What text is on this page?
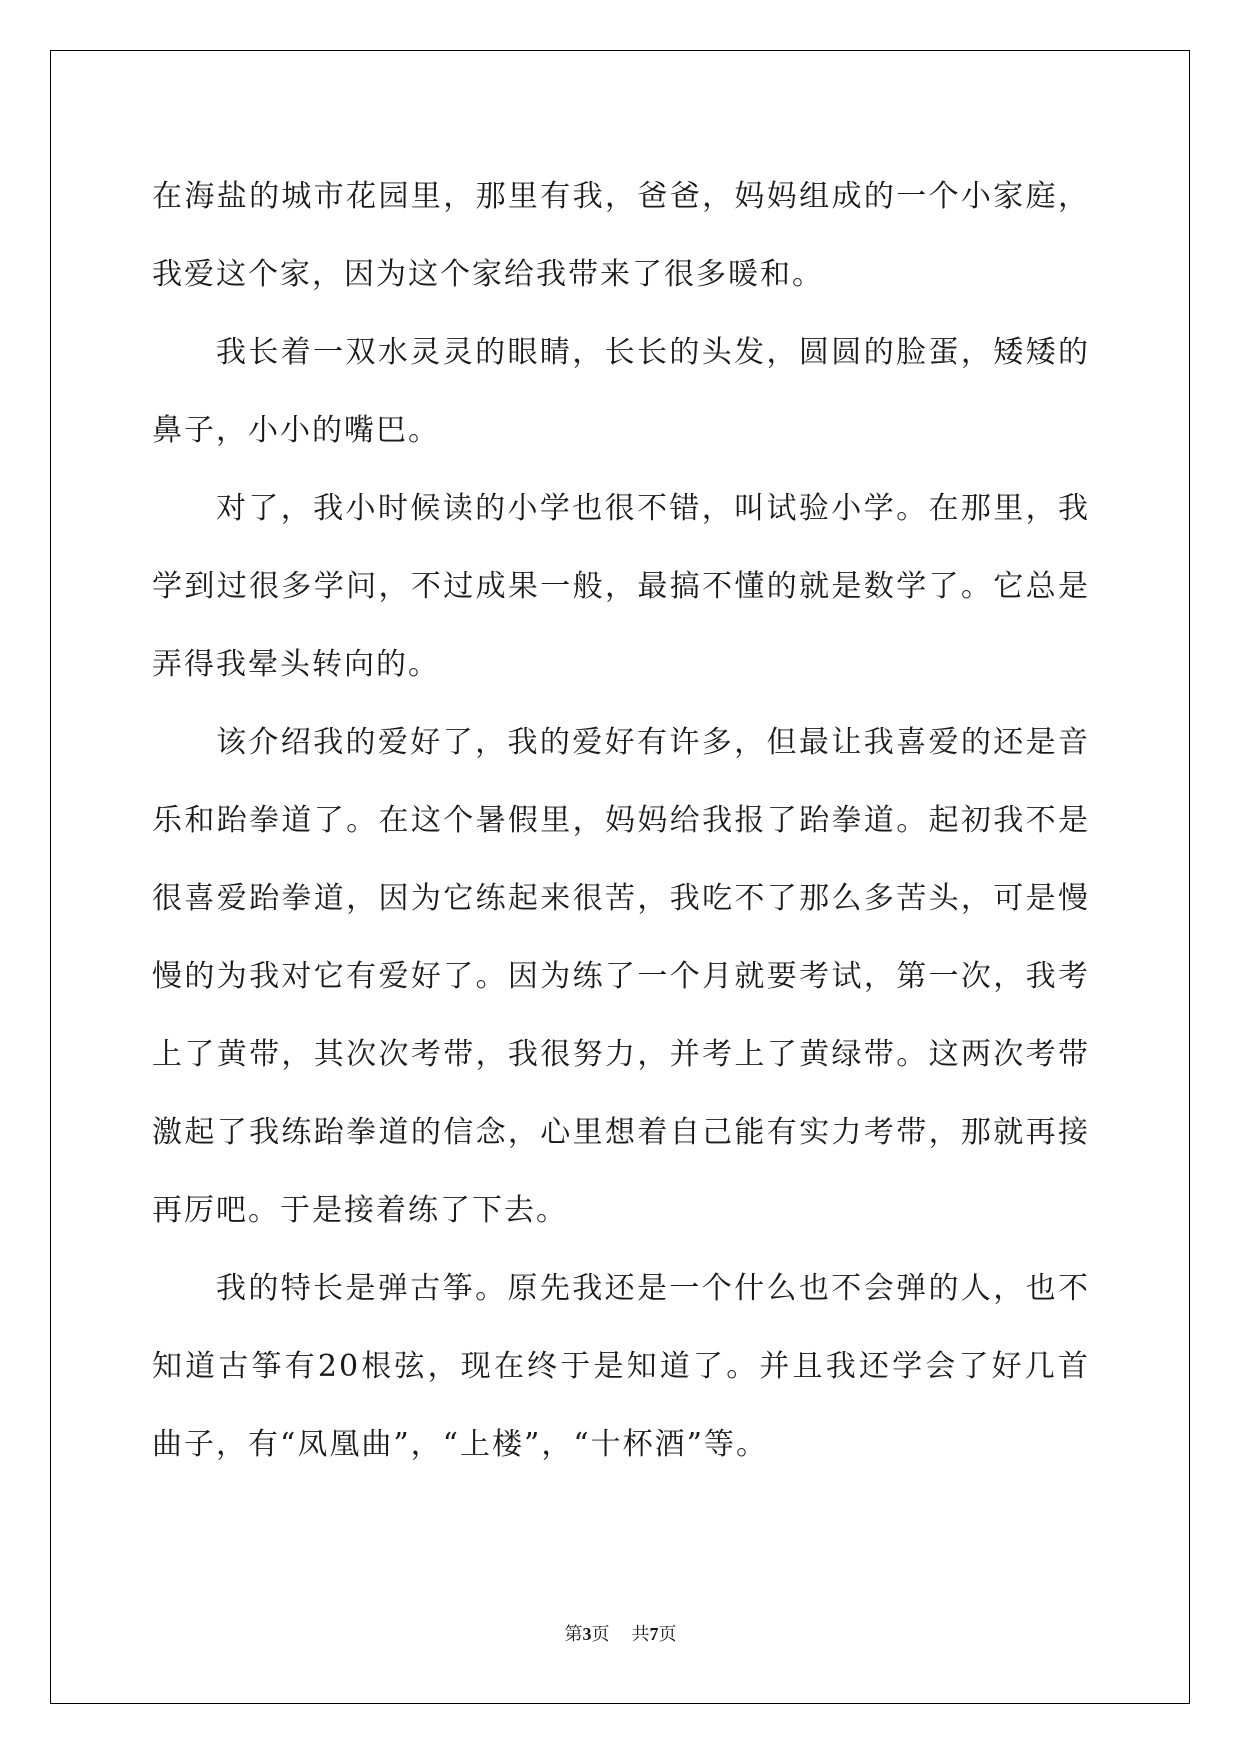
在海盐的城市花园里，那里有我，爸爸，妈妈组成的一个小家庭，我爱这个家，因为这个家给我带来了很多暖和。

我长着一双水灵灵的眼睛，长长的头发，圆圆的脸蛋，矮矮的鼻子，小小的嘴巴。

对了，我小时候读的小学也很不错，叫试验小学。在那里，我学到过很多学问，不过成果一般，最搞不懂的就是数学了。它总是弄得我晕头转向的。

该介绍我的爱好了，我的爱好有许多，但最让我喜爱的还是音乐和跆拳道了。在这个暑假里，妈妈给我报了跆拳道。起初我不是很喜爱跆拳道，因为它练起来很苦，我吃不了那么多苦头，可是慢慢的为我对它有爱好了。因为练了一个月就要考试，第一次，我考上了黄带，其次次考带，我很努力，并考上了黄绿带。这两次考带激起了我练跆拳道的信念，心里想着自己能有实力考带，那就再接再厉吧。于是接着练了下去。

我的特长是弹古筝。原先我还是一个什么也不会弹的人，也不知道古筝有20根弦，现在终于是知道了。并且我还学会了好几首曲子，有“凤凰曲”，“上楼”，“十杯酒”等。

第3页 共7页
